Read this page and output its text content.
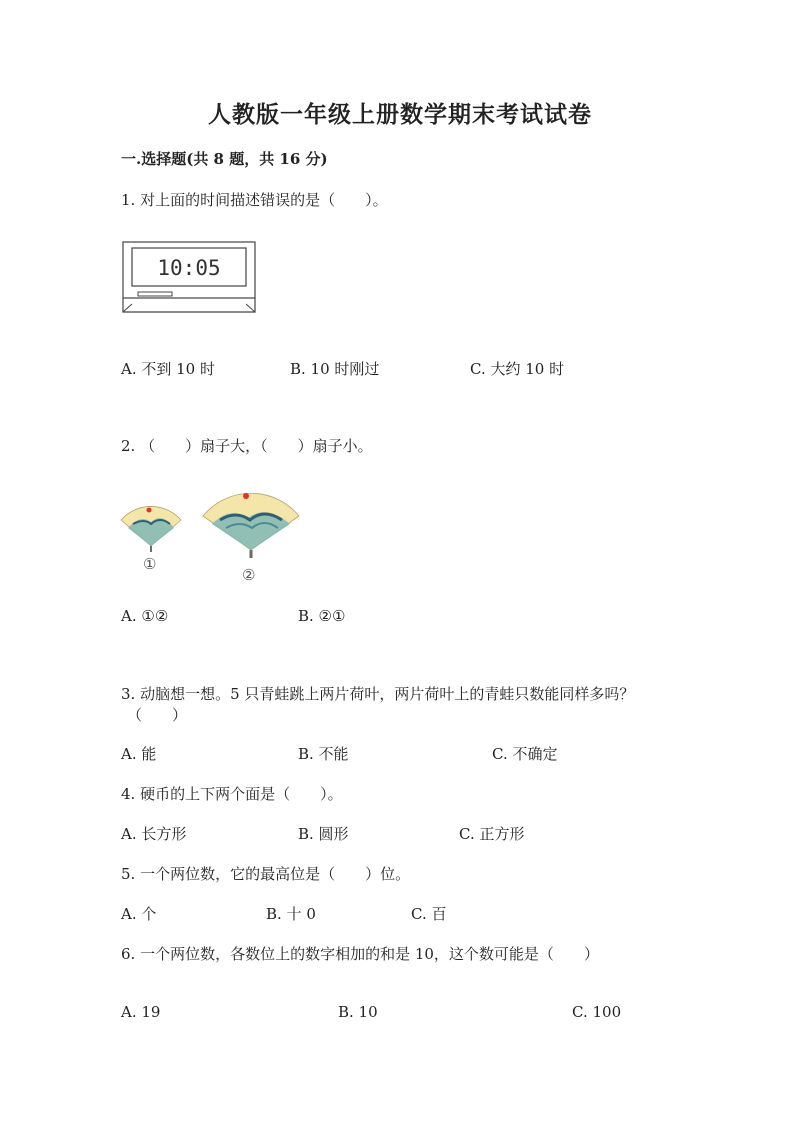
人教版一年级上册数学期末考试试卷
一.选择题(共 8 题，共 16 分)
1. 对上面的时间描述错误的是（　　）。
10:05
A. 不到 10 时	B. 10 时刚过	C. 大约 10 时
2. （　　）扇子大，（　　）扇子小。
①
②
A. ①②	B. ②①
3. 动脑想一想。5 只青蛙跳上两片荷叶，两片荷叶上的青蛙只数能同样多吗？
（　　）
A. 能	B. 不能	C. 不确定
4. 硬币的上下两个面是（　　）。
A. 长方形	B. 圆形	C. 正方形
5. 一个两位数，它的最高位是（　　）位。
A. 个	B. 十 0	C. 百
6. 一个两位数，各数位上的数字相加的和是 10，这个数可能是（　　）
A. 19	B. 10	C. 100
